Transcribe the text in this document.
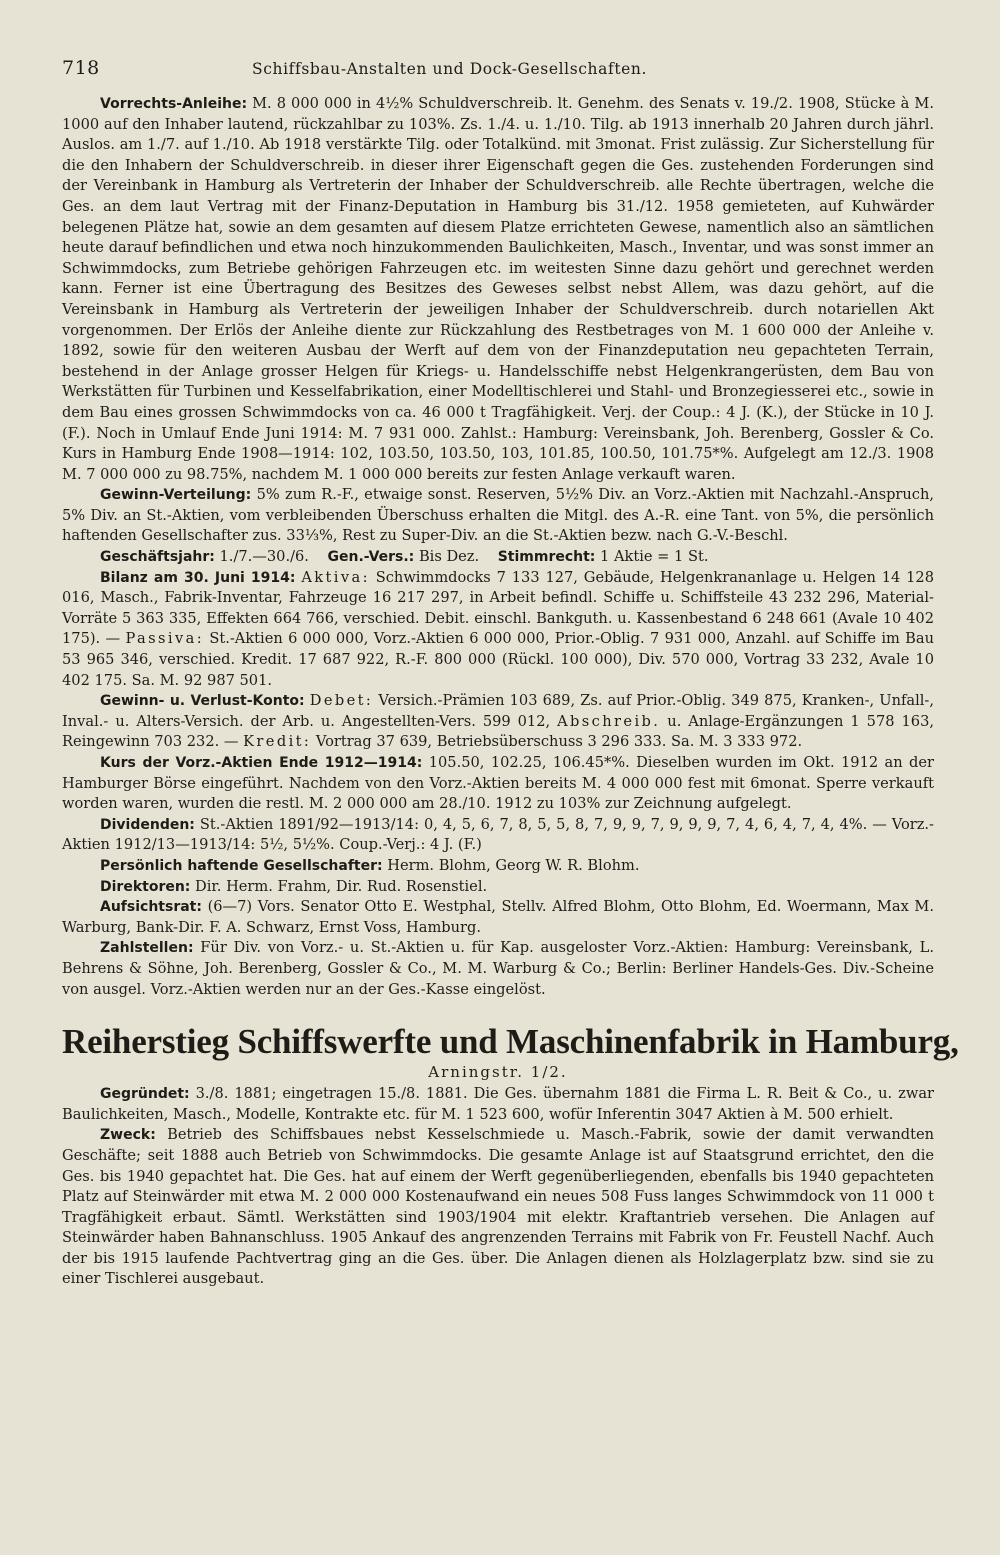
718	Schiffsbau-Anstalten und Dock-Gesellschaften.

Vorrechts-Anleihe: M. 8 000 000 in 4½% Schuldverschreib. lt. Genehm. des Senats v. 19./2. 1908, Stücke à M. 1000 auf den Inhaber lautend, rückzahlbar zu 103%. Zs. 1./4. u. 1./10. Tilg. ab 1913 innerhalb 20 Jahren durch jährl. Auslos. am 1./7. auf 1./10. Ab 1918 verstärkte Tilg. oder Totalkünd. mit 3monat. Frist zulässig. Zur Sicherstellung für die den Inhabern der Schuldverschreib. in dieser ihrer Eigenschaft gegen die Ges. zustehenden Forderungen sind der Vereinbank in Hamburg als Vertreterin der Inhaber der Schuldverschreib. alle Rechte übertragen, welche die Ges. an dem laut Vertrag mit der Finanz-Deputation in Hamburg bis 31./12. 1958 gemieteten, auf Kuhwärder belegenen Plätze hat, sowie an dem gesamten auf diesem Platze errichteten Gewese, namentlich also an sämtlichen heute darauf befindlichen und etwa noch hinzukommenden Baulichkeiten, Masch., Inventar, und was sonst immer an Schwimmdocks, zum Betriebe gehörigen Fahrzeugen etc. im weitesten Sinne dazu gehört und gerechnet werden kann. Ferner ist eine Übertragung des Besitzes des Geweses selbst nebst Allem, was dazu gehört, auf die Vereinsbank in Hamburg als Vertreterin der jeweiligen Inhaber der Schuldverschreib. durch notariellen Akt vorgenommen. Der Erlös der Anleihe diente zur Rückzahlung des Restbetrages von M. 1 600 000 der Anleihe v. 1892, sowie für den weiteren Ausbau der Werft auf dem von der Finanzdeputation neu gepachteten Terrain, bestehend in der Anlage grosser Helgen für Kriegs- u. Handelsschiffe nebst Helgenkrangerüsten, dem Bau von Werkstätten für Turbinen und Kesselfabrikation, einer Modelltischlerei und Stahl- und Bronzegiesserei etc., sowie in dem Bau eines grossen Schwimmdocks von ca. 46 000 t Tragfähigkeit. Verj. der Coup.: 4 J. (K.), der Stücke in 10 J. (F.). Noch in Umlauf Ende Juni 1914: M. 7 931 000. Zahlst.: Hamburg: Vereinsbank, Joh. Berenberg, Gossler & Co. Kurs in Hamburg Ende 1908—1914: 102, 103.50, 103.50, 103, 101.85, 100.50, 101.75*%. Aufgelegt am 12./3. 1908 M. 7 000 000 zu 98.75%, nachdem M. 1 000 000 bereits zur festen Anlage verkauft waren.

Gewinn-Verteilung: 5% zum R.-F., etwaige sonst. Reserven, 5½% Div. an Vorz.-Aktien mit Nachzahl.-Anspruch, 5% Div. an St.-Aktien, vom verbleibenden Überschuss erhalten die Mitgl. des A.-R. eine Tant. von 5%, die persönlich haftenden Gesellschafter zus. 33⅓%, Rest zu Super-Div. an die St.-Aktien bezw. nach G.-V.-Beschl.

Geschäftsjahr: 1./7.—30./6. Gen.-Vers.: Bis Dez. Stimmrecht: 1 Aktie = 1 St.

Bilanz am 30. Juni 1914: Aktiva: Schwimmdocks 7 133 127, Gebäude, Helgenkrananlage u. Helgen 14 128 016, Masch., Fabrik-Inventar, Fahrzeuge 16 217 297, in Arbeit befindl. Schiffe u. Schiffsteile 43 232 296, Material-Vorräte 5 363 335, Effekten 664 766, verschied. Debit. einschl. Bankguth. u. Kassenbestand 6 248 661 (Avale 10 402 175). — Passiva: St.-Aktien 6 000 000, Vorz.-Aktien 6 000 000, Prior.-Oblig. 7 931 000, Anzahl. auf Schiffe im Bau 53 965 346, verschied. Kredit. 17 687 922, R.-F. 800 000 (Rückl. 100 000), Div. 570 000, Vortrag 33 232, Avale 10 402 175. Sa. M. 92 987 501.

Gewinn- u. Verlust-Konto: Debet: Versich.-Prämien 103 689, Zs. auf Prior.-Oblig. 349 875, Kranken-, Unfall-, Inval.- u. Alters-Versich. der Arb. u. Angestellten-Vers. 599 012, Abschreib. u. Anlage-Ergänzungen 1 578 163, Reingewinn 703 232. — Kredit: Vortrag 37 639, Betriebsüberschuss 3 296 333. Sa. M. 3 333 972.

Kurs der Vorz.-Aktien Ende 1912—1914: 105.50, 102.25, 106.45*%. Dieselben wurden im Okt. 1912 an der Hamburger Börse eingeführt. Nachdem von den Vorz.-Aktien bereits M. 4 000 000 fest mit 6monat. Sperre verkauft worden waren, wurden die restl. M. 2 000 000 am 28./10. 1912 zu 103% zur Zeichnung aufgelegt.

Dividenden: St.-Aktien 1891/92—1913/14: 0, 4, 5, 6, 7, 8, 5, 5, 8, 7, 9, 9, 7, 9, 9, 9, 7, 4, 6, 4, 7, 4, 4%. — Vorz.-Aktien 1912/13—1913/14: 5½, 5½%. Coup.-Verj.: 4 J. (F.)

Persönlich haftende Gesellschafter: Herm. Blohm, Georg W. R. Blohm.

Direktoren: Dir. Herm. Frahm, Dir. Rud. Rosenstiel.

Aufsichtsrat: (6—7) Vors. Senator Otto E. Westphal, Stellv. Alfred Blohm, Otto Blohm, Ed. Woermann, Max M. Warburg, Bank-Dir. F. A. Schwarz, Ernst Voss, Hamburg.

Zahlstellen: Für Div. von Vorz.- u. St.-Aktien u. für Kap. ausgeloster Vorz.-Aktien: Hamburg: Vereinsbank, L. Behrens & Söhne, Joh. Berenberg, Gossler & Co., M. M. Warburg & Co.; Berlin: Berliner Handels-Ges. Div.-Scheine von ausgel. Vorz.-Aktien werden nur an der Ges.-Kasse eingelöst.

Reiherstieg Schiffswerfte und Maschinenfabrik in Hamburg,
Arningstr. 1/2.

Gegründet: 3./8. 1881; eingetragen 15./8. 1881. Die Ges. übernahm 1881 die Firma L. R. Beit & Co., u. zwar Baulichkeiten, Masch., Modelle, Kontrakte etc. für M. 1 523 600, wofür Inferentin 3047 Aktien à M. 500 erhielt.

Zweck: Betrieb des Schiffsbaues nebst Kesselschmiede u. Masch.-Fabrik, sowie der damit verwandten Geschäfte; seit 1888 auch Betrieb von Schwimmdocks. Die gesamte Anlage ist auf Staatsgrund errichtet, den die Ges. bis 1940 gepachtet hat. Die Ges. hat auf einem der Werft gegenüberliegenden, ebenfalls bis 1940 gepachteten Platz auf Steinwärder mit etwa M. 2 000 000 Kostenaufwand ein neues 508 Fuss langes Schwimmdock von 11 000 t Tragfähigkeit erbaut. Sämtl. Werkstätten sind 1903/1904 mit elektr. Kraftantrieb versehen. Die Anlagen auf Steinwärder haben Bahnanschluss. 1905 Ankauf des angrenzenden Terrains mit Fabrik von Fr. Feustell Nachf. Auch der bis 1915 laufende Pachtvertrag ging an die Ges. über. Die Anlagen dienen als Holzlagerplatz bzw. sind sie zu einer Tischlerei ausgebaut.
